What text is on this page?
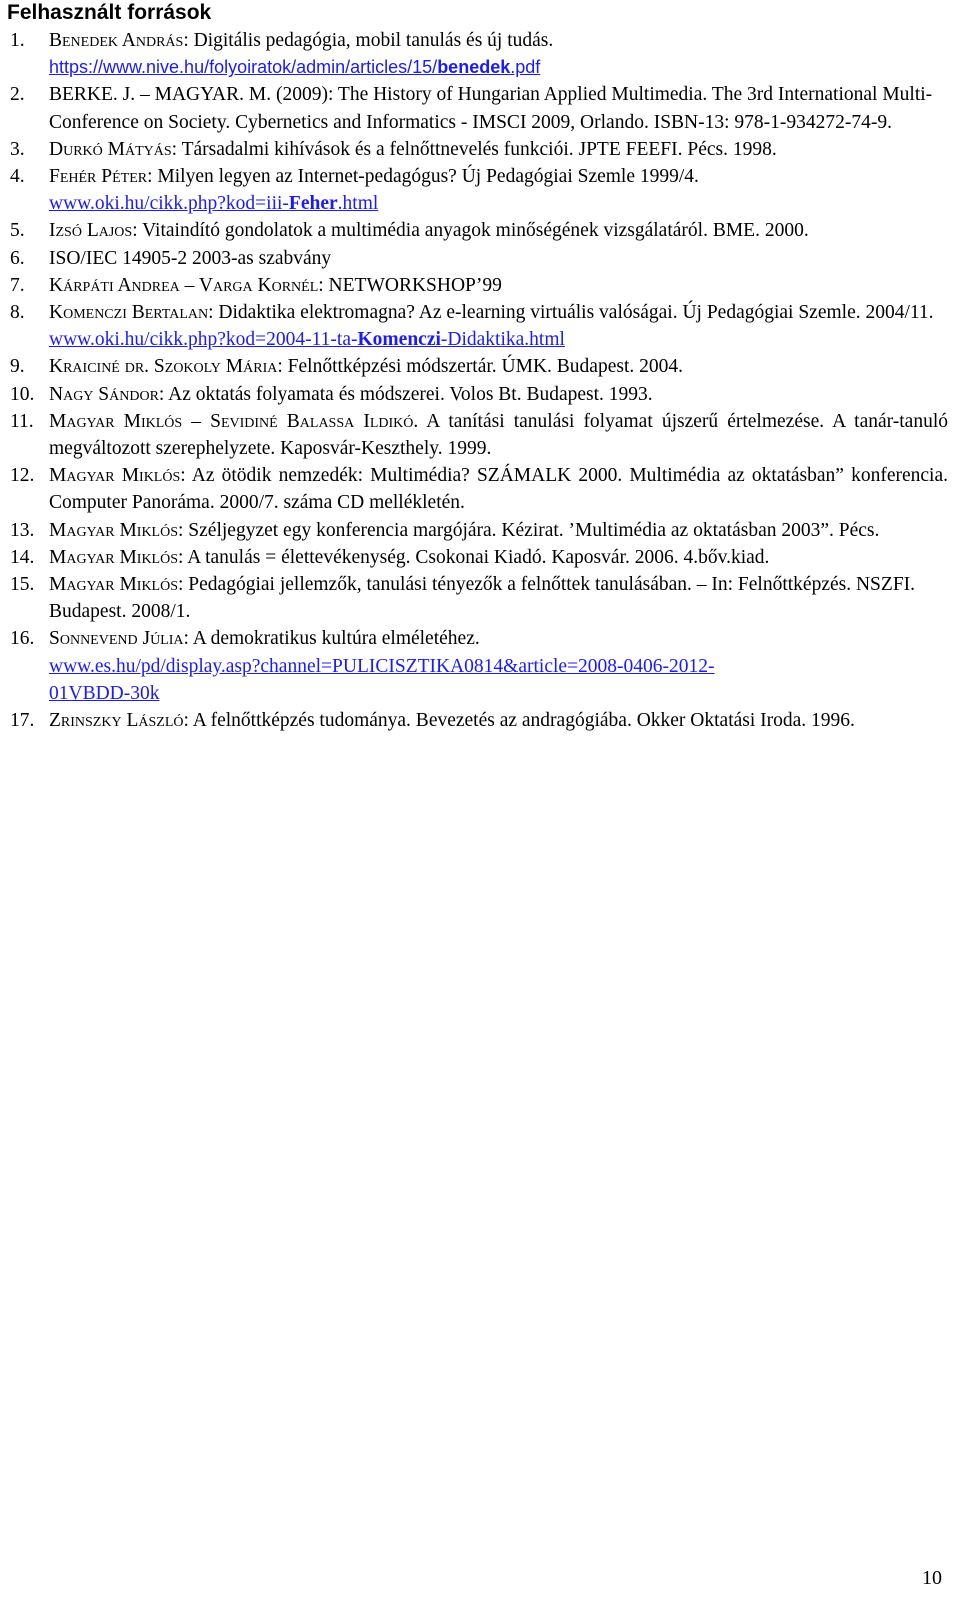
Felhasznált források
1. Benedek András: Digitális pedagógia, mobil tanulás és új tudás.
https://www.nive.hu/folyoiratok/admin/articles/15/benedek.pdf
2. BERKE. J. – MAGYAR. M. (2009): The History of Hungarian Applied Multimedia. The 3rd International Multi-Conference on Society. Cybernetics and Informatics - IMSCI 2009, Orlando. ISBN-13: 978-1-934272-74-9.
3. Durkó Mátyás: Társadalmi kihívások és a felnőttnevelés funkciói. JPTE FEEFI. Pécs. 1998.
4. Fehér Péter: Milyen legyen az Internet-pedagógus? Új Pedagógiai Szemle 1999/4.
www.oki.hu/cikk.php?kod=iii-Feher.html
5. Izsó Lajos: Vitaindító gondolatok a multimédia anyagok minőségének vizsgálatáról. BME. 2000.
6. ISO/IEC 14905-2 2003-as szabvány
7. Kárpáti Andrea – Varga Kornél: NETWORKSHOP’99
8. Komenczi Bertalan: Didaktika elektromagna? Az e-learning virtuális valóságai. Új Pedagógiai Szemle. 2004/11.
www.oki.hu/cikk.php?kod=2004-11-ta-Komenczi-Didaktika.html
9. Kraiciné dr. Szokoly Mária: Felnőttképzési módszertár. ÚMK. Budapest. 2004.
10. Nagy Sándor: Az oktatás folyamata és módszerei. Volos Bt. Budapest. 1993.
11. Magyar Miklós – Sevidiné Balassa Ildikó. A tanítási tanulási folyamat újszerű értelmezése. A tanár-tanuló megváltozott szerephelyzete. Kaposvár-Keszthely. 1999.
12. Magyar Miklós: Az ötödik nemzedék: Multimédia? SZÁMALK 2000. Multimédia az oktatásban” konferencia. Computer Panoráma. 2000/7. száma CD mellékletén.
13. Magyar Miklós: Széljegyzet egy konferencia margójára. Kézirat. ’Multimédia az oktatásban 2003”. Pécs.
14. Magyar Miklós: A tanulás = élettevékenység. Csokonai Kiadó. Kaposvár. 2006. 4.bőv.kiad.
15. Magyar Miklós: Pedagógiai jellemzők, tanulási tényezők a felnőttek tanulásában. – In: Felnőttképzés. NSZFI. Budapest. 2008/1.
16. Sonnevend Júlia: A demokratikus kultúra elméletéhez.
www.es.hu/pd/display.asp?channel=PULICISZTIKA0814&article=2008-0406-2012-
01VBDD-30k
17. Zrinszky László: A felnőttképzés tudománya. Bevezetés az andragógiába. Okker Oktatási Iroda. 1996.
10
